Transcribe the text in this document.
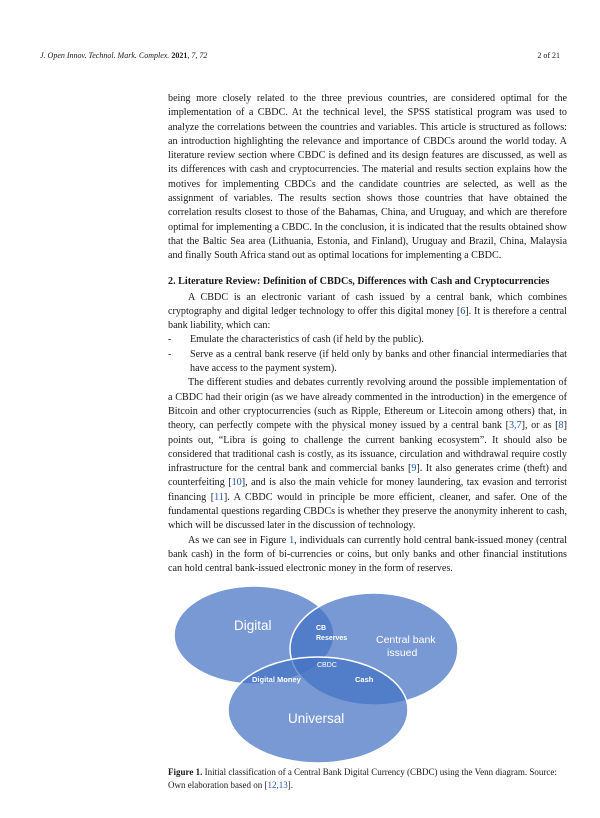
J. Open Innov. Technol. Mark. Complex. 2021, 7, 72	2 of 21

being more closely related to the three previous countries, are considered optimal for the implementation of a CBDC. At the technical level, the SPSS statistical program was used to analyze the correlations between the countries and variables. This article is structured as follows: an introduction highlighting the relevance and importance of CBDCs around the world today. A literature review section where CBDC is defined and its design features are discussed, as well as its differences with cash and cryptocurrencies. The material and results section explains how the motives for implementing CBDCs and the candidate countries are selected, as well as the assignment of variables. The results section shows those countries that have obtained the correlation results closest to those of the Bahamas, China, and Uruguay, and which are therefore optimal for implementing a CBDC. In the conclusion, it is indicated that the results obtained show that the Baltic Sea area (Lithuania, Estonia, and Finland), Uruguay and Brazil, China, Malaysia and finally South Africa stand out as optimal locations for implementing a CBDC.

2. Literature Review: Definition of CBDCs, Differences with Cash and Cryptocurrencies

A CBDC is an electronic variant of cash issued by a central bank, which combines cryptography and digital ledger technology to offer this digital money [6]. It is therefore a central bank liability, which can:

- Emulate the characteristics of cash (if held by the public).
- Serve as a central bank reserve (if held only by banks and other financial intermediaries that have access to the payment system).

The different studies and debates currently revolving around the possible implementation of a CBDC had their origin (as we have already commented in the introduction) in the emergence of Bitcoin and other cryptocurrencies (such as Ripple, Ethereum or Litecoin among others) that, in theory, can perfectly compete with the physical money issued by a central bank [3,7], or as [8] points out, “Libra is going to challenge the current banking ecosystem”. It should also be considered that traditional cash is costly, as its issuance, circulation and withdrawal require costly infrastructure for the central bank and commercial banks [9]. It also generates crime (theft) and counterfeiting [10], and is also the main vehicle for money laundering, tax evasion and terrorist financing [11]. A CBDC would in principle be more efficient, cleaner, and safer. One of the fundamental questions regarding CBDCs is whether they preserve the anonymity inherent to cash, which will be discussed later in the discussion of technology.

As we can see in Figure 1, individuals can currently hold central bank-issued money (central bank cash) in the form of bi-currencies or coins, but only banks and other financial institutions can hold central bank-issued electronic money in the form of reserves.

Digital	CB
Reserves	Central bank
issued
CBDC
Digital Money	Cash
Universal
Figure 1. Initial classification of a Central Bank Digital Currency (CBDC) using the Venn diagram. Source: Own elaboration based on [12,13].
